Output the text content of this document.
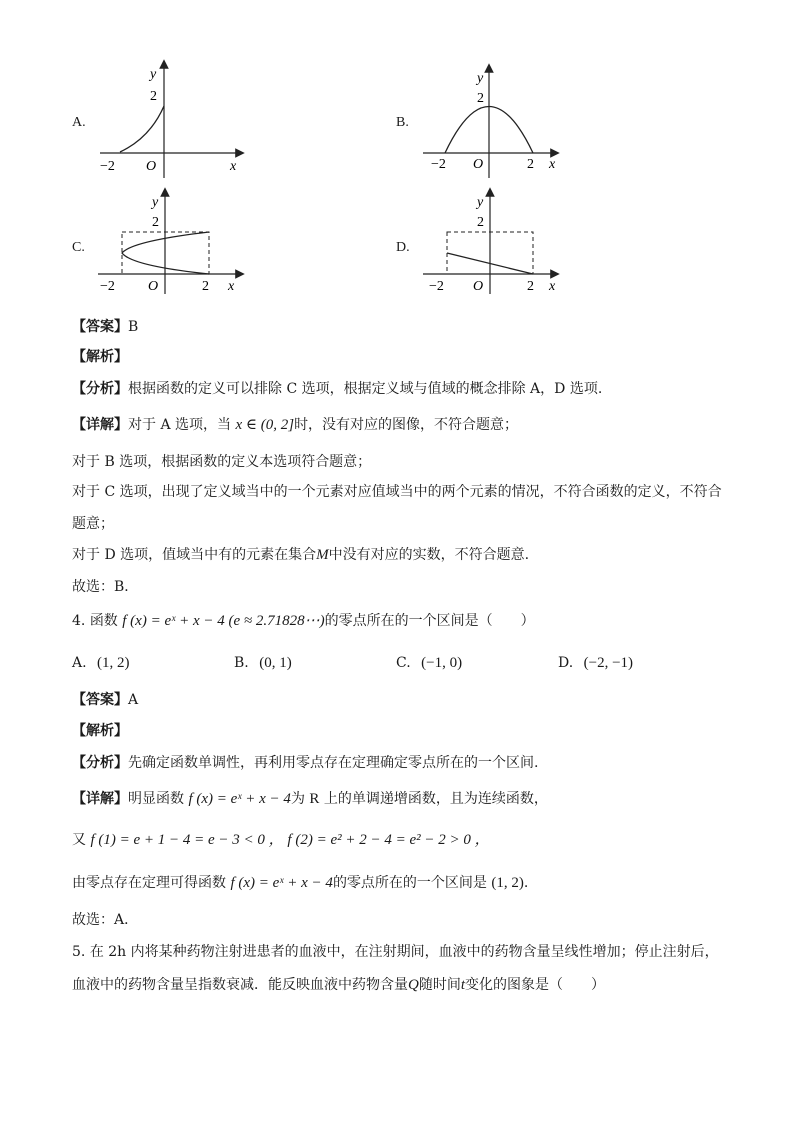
A.
y
2
x
−2 O
B.
y
2
x
−2	2
O
C.
y
2
x
−2	2
O
D.
y
2
x
−2	2
O
【答案】B
【解析】
【分析】根据函数的定义可以排除 C 选项，根据定义域与值域的概念排除 A，D 选项.
【详解】对于 A 选项，当 x ∈ (0, 2]时，没有对应的图像，不符合题意；
对于 B 选项，根据函数的定义本选项符合题意；
对于 C 选项，出现了定义域当中的一个元素对应值域当中的两个元素的情况，不符合函数的定义，不符合
题意；
对于 D 选项，值域当中有的元素在集合M中没有对应的实数，不符合题意.
故选：B．
4. 函数 f (x) = eˣ + x − 4 (e ≈ 2.71828⋯)的零点所在的一个区间是（　　）
A. (1, 2)	B. (0, 1)	C. (−1, 0)	D. (−2, −1)
【答案】A
【解析】
【分析】先确定函数单调性，再利用零点存在定理确定零点所在的一个区间.
【详解】明显函数 f (x) = eˣ + x − 4为 R 上的单调递增函数，且为连续函数，
又 f (1) = e + 1 − 4 = e − 3 < 0 ， f (2) = e² + 2 − 4 = e² − 2 > 0 ，
由零点存在定理可得函数 f (x) = eˣ + x − 4的零点所在的一个区间是 (1, 2).
故选：A．
5. 在 2h 内将某种药物注射进患者的血液中，在注射期间，血液中的药物含量呈线性增加；停止注射后，
血液中的药物含量呈指数衰减．能反映血液中药物含量Q随时间t变化的图象是（　　）
